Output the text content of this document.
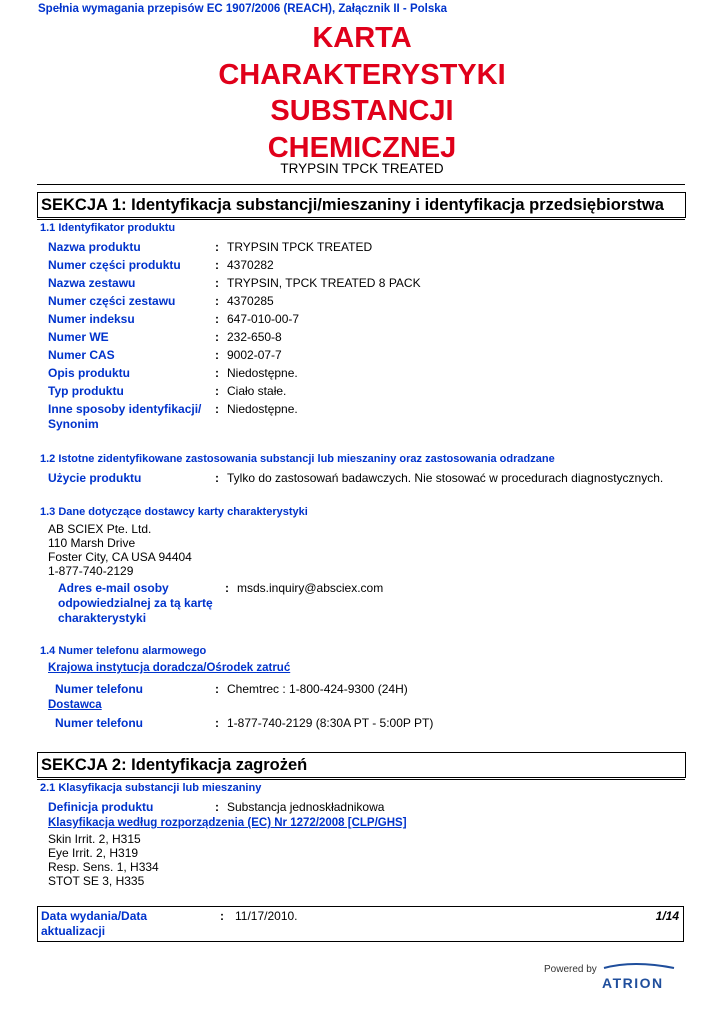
Spełnia wymagania przepisów EC 1907/2006 (REACH), Załącznik II - Polska
KARTA
CHARAKTERYSTYKI
SUBSTANCJI
CHEMICZNEJ
TRYPSIN TPCK TREATED
SEKCJA 1: Identyfikacja substancji/mieszaniny i identyfikacja przedsiębiorstwa
1.1 Identyfikator produktu
Nazwa produktu	: TRYPSIN TPCK TREATED
Numer części produktu	: 4370282
Nazwa zestawu	: TRYPSIN, TPCK TREATED 8 PACK
Numer części zestawu	: 4370285
Numer indeksu	: 647-010-00-7
Numer WE	: 232-650-8
Numer CAS	: 9002-07-7
Opis produktu	: Niedostępne.
Typ produktu	: Ciało stałe.
Inne sposoby identyfikacji/ Synonim
: Niedostępne.
1.2 Istotne zidentyfikowane zastosowania substancji lub mieszaniny oraz zastosowania odradzane
Użycie produktu	: Tylko do zastosowań badawczych. Nie stosować w procedurach diagnostycznych.
1.3 Dane dotyczące dostawcy karty charakterystyki
AB SCIEX Pte. Ltd.
110 Marsh Drive
Foster City, CA USA 94404
1-877-740-2129
Adres e-mail osoby odpowiedzialnej za tą kartę charakterystyki
: msds.inquiry@absciex.com
1.4 Numer telefonu alarmowego
Krajowa instytucja doradcza/Ośrodek zatruć
Numer telefonu	: Chemtrec : 1-800-424-9300 (24H)
Dostawca
Numer telefonu	: 1-877-740-2129 (8:30A PT - 5:00P PT)
SEKCJA 2: Identyfikacja zagrożeń
2.1 Klasyfikacja substancji lub mieszaniny
Definicja produktu	: Substancja jednoskładnikowa
Klasyfikacja według rozporządzenia (EC) Nr 1272/2008 [CLP/GHS]
Skin Irrit. 2, H315
Eye Irrit. 2, H319
Resp. Sens. 1, H334
STOT SE 3, H335
Data wydania/Data aktualizacji
: 11/17/2010.	1/14
Powered by
ATRION
